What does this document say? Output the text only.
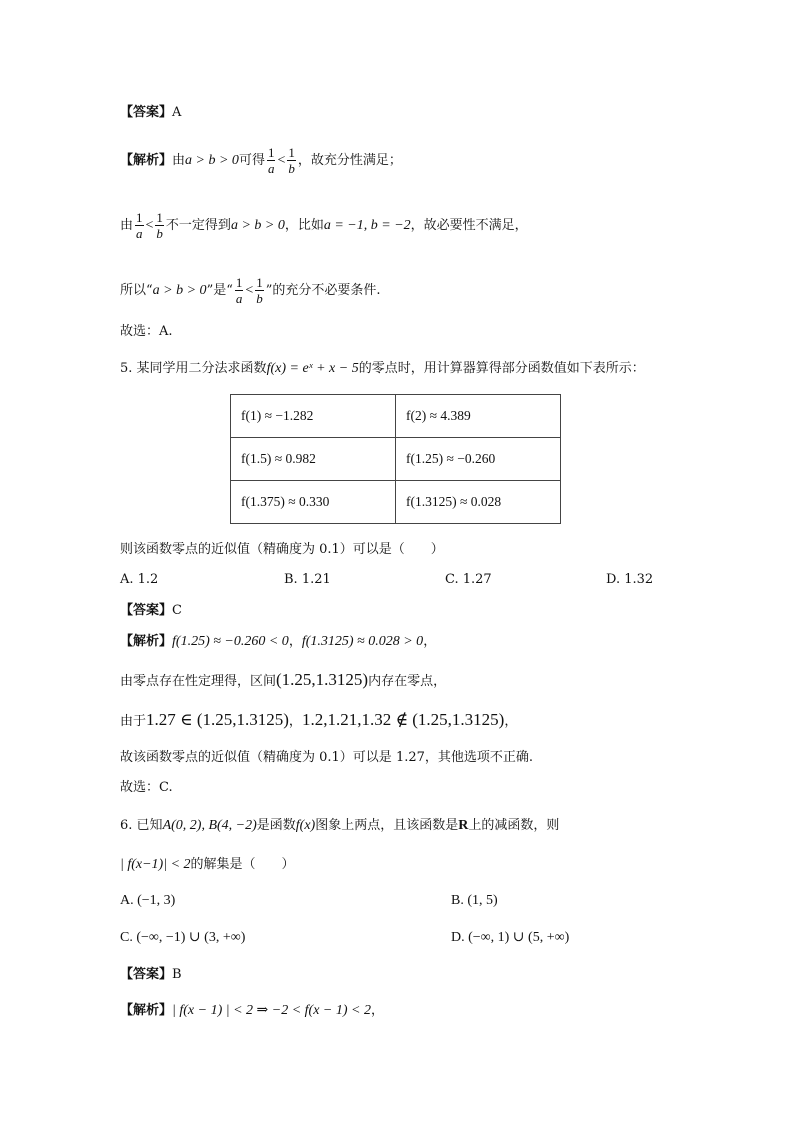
【答案】A
【解析】由a > b > 0可得 $\frac{1}{a} < \frac{1}{b}$ ，故充分性满足；
由 $\frac{1}{a} < \frac{1}{b}$ 不一定得到a > b > 0，比如a = −1, b = −2，故必要性不满足，
所以“a > b > 0”是“ $\frac{1}{a} < \frac{1}{b}$ ”的充分不必要条件.
故选：A.
5. 某同学用二分法求函数f(x) = eˣ + x − 5的零点时，用计算器算得部分函数值如下表所示：
f(1) ≈ −1.282	f(2) ≈ 4.389
f(1.5) ≈ 0.982	f(1.25) ≈ −0.260
f(1.375) ≈ 0.330	f(1.3125) ≈ 0.028
则该函数零点的近似值（精确度为 0.1）可以是（　　）
A. 1.2	B. 1.21	C. 1.27	D. 1.32
【答案】C
【解析】f(1.25) ≈ −0.260 < 0，f(1.3125) ≈ 0.028 > 0，
由零点存在性定理得，区间(1.25,1.3125)内存在零点，
由于1.27 ∈ (1.25,1.3125)，1.2,1.21,1.32 ∉ (1.25,1.3125)，
故该函数零点的近似值（精确度为 0.1）可以是 1.27，其他选项不正确.
故选：C.
6. 已知A(0, 2), B(4, −2)是函数f(x)图象上两点，且该函数是R上的减函数，则
| f(x−1)| < 2的解集是（　　）
A. (−1, 3)	B. (1, 5)
C. (−∞, −1) ∪ (3, +∞)	D. (−∞, 1) ∪ (5, +∞)
【答案】B
【解析】| f(x − 1) | < 2 ⇒ −2 < f(x − 1) < 2，
